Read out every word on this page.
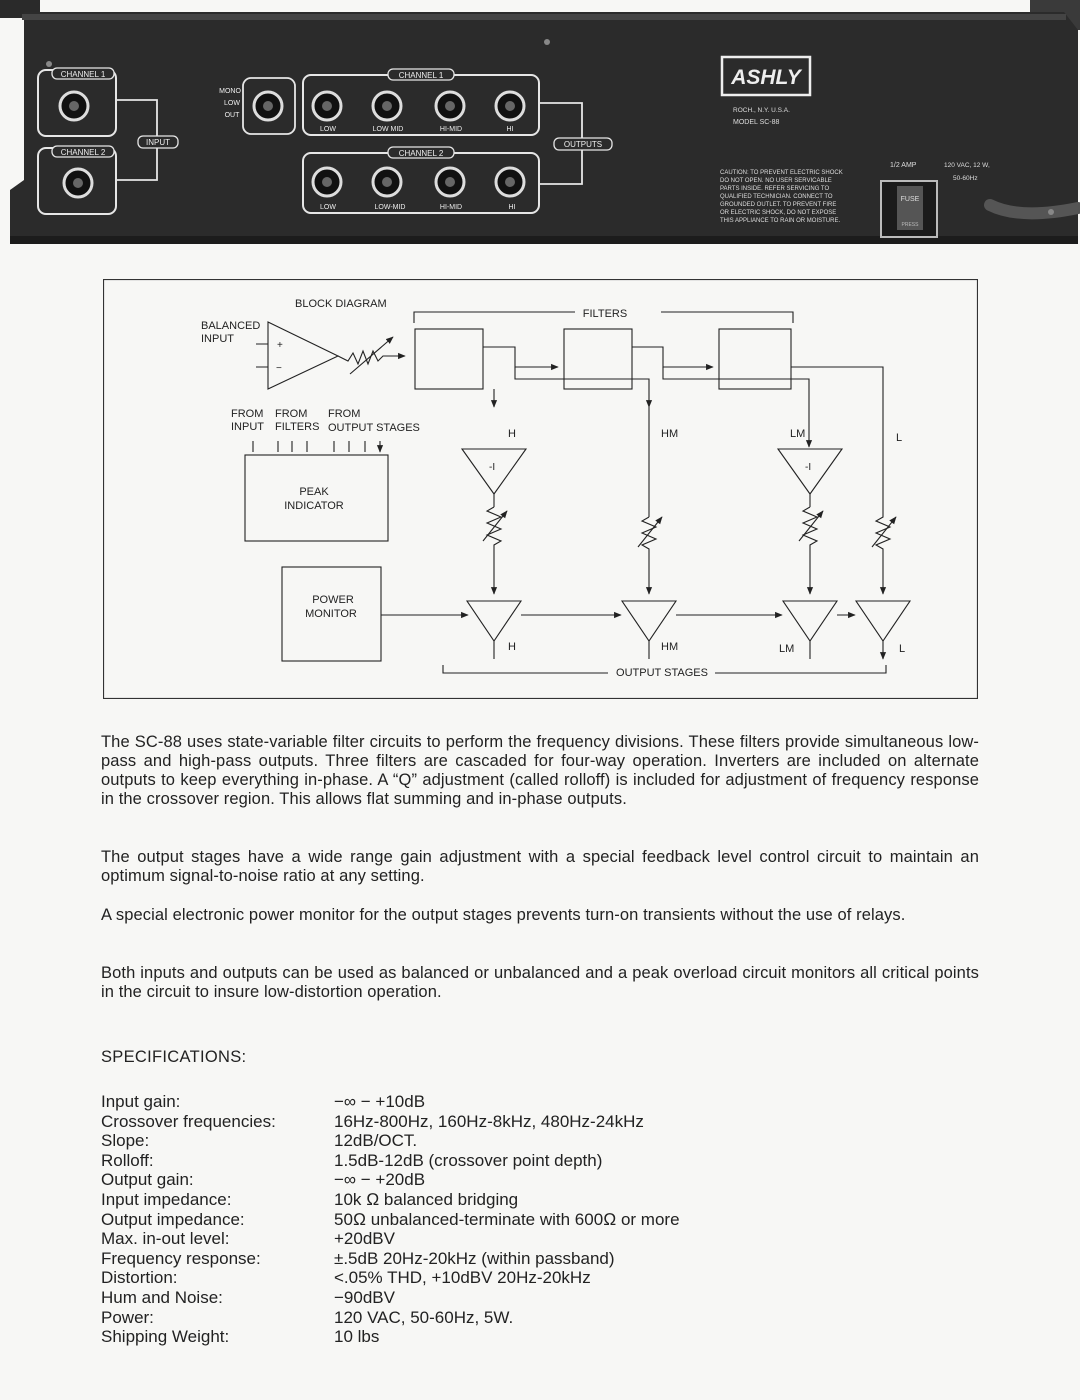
CHANNEL 1
CHANNEL 2
INPUT
MONO
LOW
OUT
CHANNEL 1
LOW	LOW MID	HI-MID	HI
CHANNEL 2
LOW	LOW-MID	HI-MID	HI
OUTPUTS
ASHLY
ROCH., N.Y. U.S.A.
MODEL SC-88
CAUTION: TO PREVENT ELECTRIC SHOCK
DO NOT OPEN. NO USER SERVICABLE
PARTS INSIDE. REFER SERVICING TO
QUALIFIED TECHNICIAN. CONNECT TO
GROUNDED OUTLET. TO PREVENT FIRE
OR ELECTRIC SHOCK, DO NOT EXPOSE
THIS APPLIANCE TO RAIN OR MOISTURE.
1/2 AMP	120 VAC, 12 W,
50-60Hz
FUSE
PRESS
BLOCK DIAGRAM
BALANCED
INPUT
FILTERS
+
−
FROM
INPUT
FROM
FILTERS
FROM
OUTPUT STAGES
PEAK
INDICATOR
POWER
MONITOR
H	HM	LM	L
-I	-I
H	HM	LM	L
OUTPUT STAGES
The SC-88 uses state-variable filter circuits to perform the frequency divisions. These filters provide simultaneous low-pass and high-pass outputs. Three filters are cascaded for four-way operation. Inverters are included on alternate outputs to keep everything in-phase. A “Q” adjustment (called rolloff) is included for adjustment of frequency response in the crossover region. This allows flat summing and in-phase outputs.
The output stages have a wide range gain adjustment with a special feedback level control circuit to maintain an optimum signal-to-noise ratio at any setting.
A special electronic power monitor for the output stages prevents turn-on transients without the use of relays.
Both inputs and outputs can be used as balanced or unbalanced and a peak overload circuit monitors all critical points in the circuit to insure low-distortion operation.
SPECIFICATIONS:
Input gain:	−∞ − +10dB
Crossover frequencies:	16Hz-800Hz, 160Hz-8kHz, 480Hz-24kHz
Slope:	12dB/OCT.
Rolloff:	1.5dB-12dB (crossover point depth)
Output gain:	−∞ − +20dB
Input impedance:	10k Ω balanced bridging
Output impedance:	50Ω unbalanced-terminate with 600Ω or more
Max. in-out level:	+20dBV
Frequency response:	±.5dB 20Hz-20kHz (within passband)
Distortion:	<.05% THD, +10dBV 20Hz-20kHz
Hum and Noise:	−90dBV
Power:	120 VAC, 50-60Hz, 5W.
Shipping Weight:	10 lbs
